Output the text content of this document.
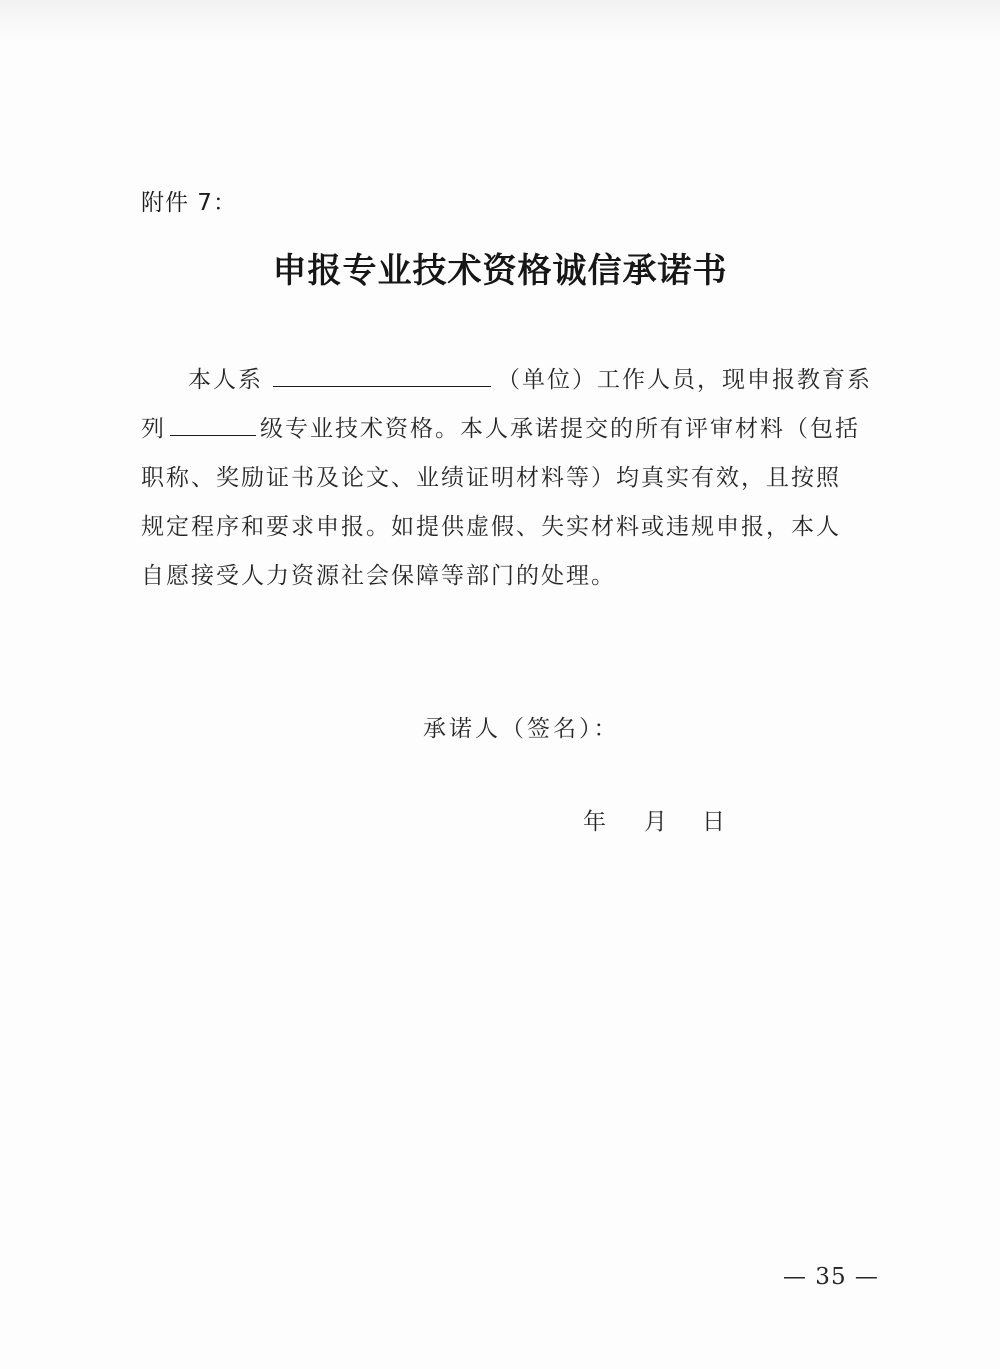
附件 7：
申报专业技术资格诚信承诺书
本人系	（单位）工作人员，现申报教育系
列	级专业技术资格。本人承诺提交的所有评审材料（包括
职称、奖励证书及论文、业绩证明材料等）均真实有效，且按照
规定程序和要求申报。如提供虚假、失实材料或违规申报，本人
自愿接受人力资源社会保障等部门的处理。
承诺人（签名）：
年 月 日
— 35 —
